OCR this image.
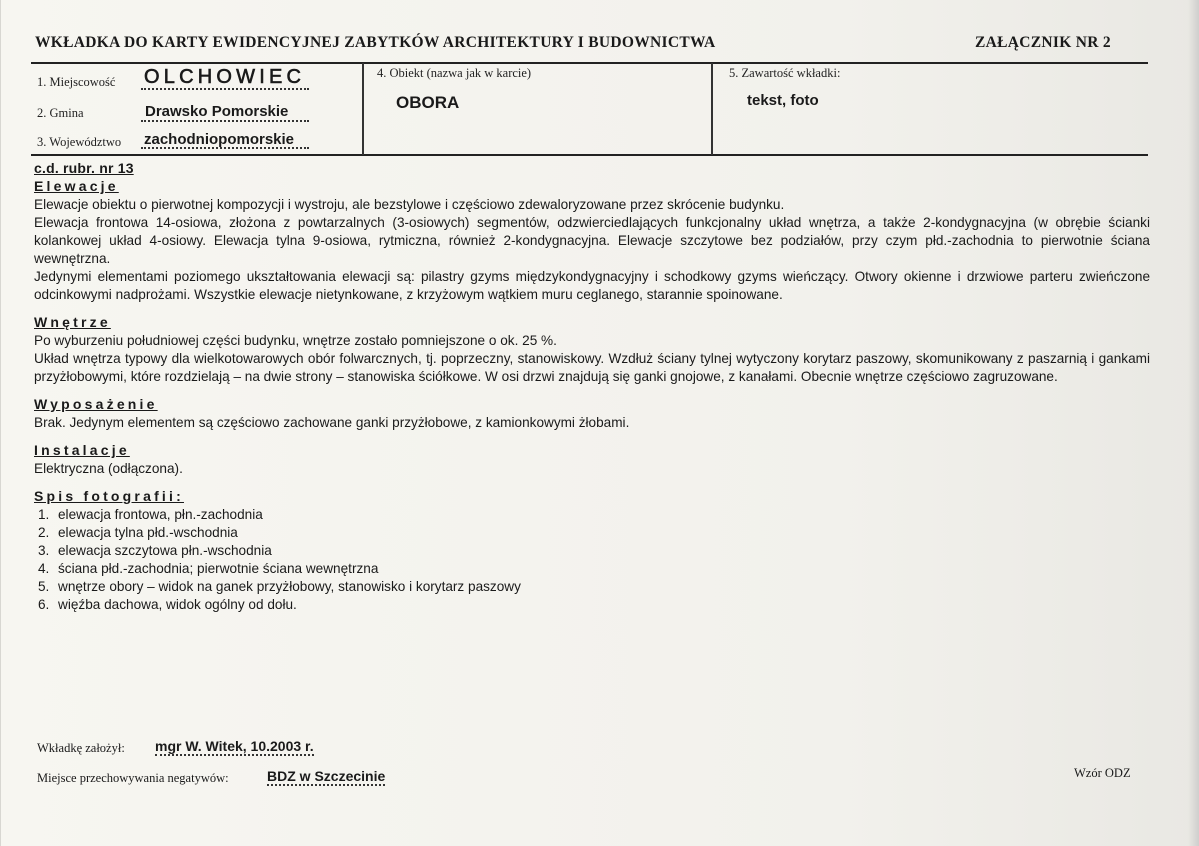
WKŁADKA DO KARTY EWIDENCYJNEJ ZABYTKÓW ARCHITEKTURY I BUDOWNICTWA	ZAŁĄCZNIK NR 2
1. Miejscowość OLCHOWIEC
2. Gmina	Drawsko Pomorskie
3. Województwo zachodniopomorskie
4. Obiekt (nazwa jak w karcie)
OBORA
5. Zawartość wkładki:
tekst, foto
c.d. rubr. nr 13
Elewacje

Elewacje obiektu o pierwotnej kompozycji i wystroju, ale bezstylowe i częściowo zdewaloryzowane przez skrócenie budynku.

Elewacja frontowa 14-osiowa, złożona z powtarzalnych (3-osiowych) segmentów, odzwierciedlających funkcjonalny układ wnętrza, a także 2-kondygnacyjna (w obrębie ścianki kolankowej układ 4-osiowy. Elewacja tylna 9-osiowa, rytmiczna, również 2-kondygnacyjna. Elewacje szczytowe bez podziałów, przy czym płd.-zachodnia to pierwotnie ściana wewnętrzna.

Jedynymi elementami poziomego ukształtowania elewacji są: pilastry gzyms międzykondygnacyjny i schodkowy gzyms wieńczący. Otwory okienne i drzwiowe parteru zwieńczone odcinkowymi nadprożami. Wszystkie elewacje nietynkowane, z krzyżowym wątkiem muru ceglanego, starannie spoinowane.

Wnętrze

Po wyburzeniu południowej części budynku, wnętrze zostało pomniejszone o ok. 25 %.

Układ wnętrza typowy dla wielkotowarowych obór folwarcznych, tj. poprzeczny, stanowiskowy. Wzdłuż ściany tylnej wytyczony korytarz paszowy, skomunikowany z paszarnią i gankami przyżłobowymi, które rozdzielają – na dwie strony – stanowiska ściółkowe. W osi drzwi znajdują się ganki gnojowe, z kanałami. Obecnie wnętrze częściowo zagruzowane.

Wyposażenie

Brak. Jedynym elementem są częściowo zachowane ganki przyżłobowe, z kamionkowymi żłobami.

Instalacje

Elektryczna (odłączona).

Spis fotografii:
1. elewacja frontowa, płn.-zachodnia
2. elewacja tylna płd.-wschodnia
3. elewacja szczytowa płn.-wschodnia
4. ściana płd.-zachodnia; pierwotnie ściana wewnętrzna
5. wnętrze obory – widok na ganek przyżłobowy, stanowisko i korytarz paszowy
6. więźba dachowa, widok ogólny od dołu.
Wkładkę założył: mgr W. Witek, 10.2003 r.
Miejsce przechowywania negatywów:	BDZ w Szczecinie	Wzór ODZ
